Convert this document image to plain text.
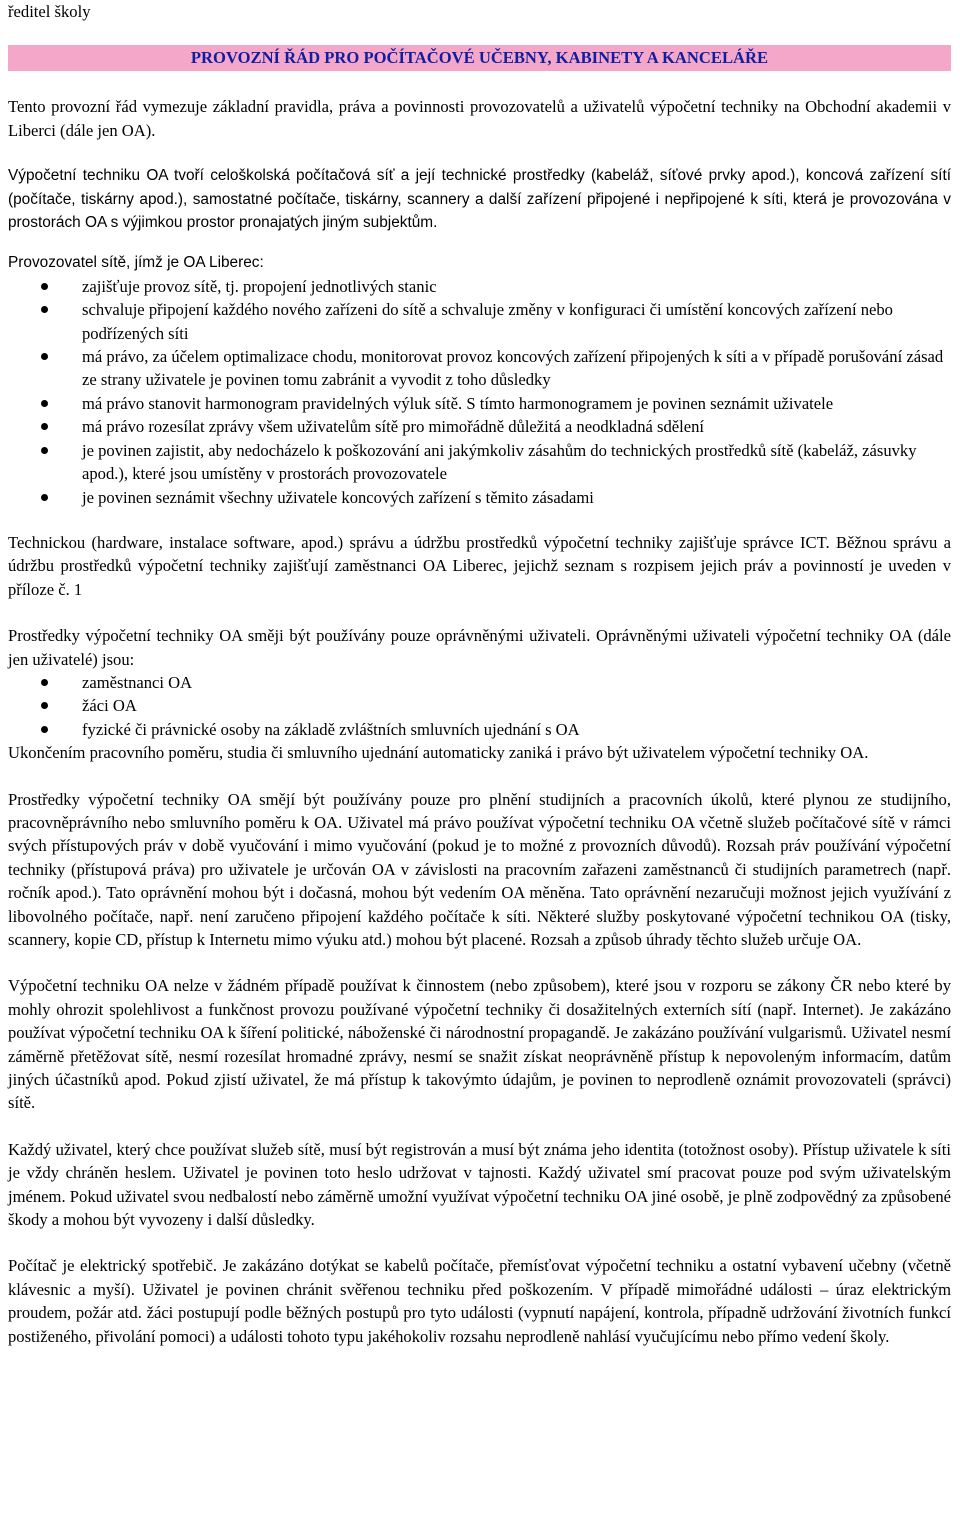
ředitel školy

PROVOZNÍ ŘÁD PRO POČÍTAČOVÉ UČEBNY, KABINETY A KANCELÁŘE

Tento provozní řád vymezuje základní pravidla, práva a povinnosti provozovatelů a uživatelů výpočetní techniky na Obchodní akademii v Liberci (dále jen OA).

Výpočetní techniku OA tvoří celoškolská počítačová síť a její technické prostředky (kabeláž, síťové prvky apod.), koncová zařízení sítí (počítače, tiskárny apod.), samostatné počítače, tiskárny, scannery a další zařízení připojené i nepřipojené k síti, která je provozována v prostorách OA s výjimkou prostor pronajatých jiným subjektům.

Provozovatel sítě, jímž je OA Liberec:

zajišťuje provoz sítě, tj. propojení jednotlivých stanic
schvaluje připojení každého nového zařízeni do sítě a schvaluje změny v konfiguraci či umístění koncových zařízení nebo podřízených síti
má právo, za účelem optimalizace chodu, monitorovat provoz koncových zařízení připojených k síti a v případě porušování zásad ze strany uživatele je povinen tomu zabránit a vyvodit z toho důsledky
má právo stanovit harmonogram pravidelných výluk sítě. S tímto harmonogramem je povinen seznámit uživatele
má právo rozesílat zprávy všem uživatelům sítě pro mimořádně důležitá a neodkladná sdělení
je povinen zajistit, aby nedocházelo k poškozování ani jakýmkoliv zásahům do technických prostředků sítě (kabeláž, zásuvky apod.), které jsou umístěny v prostorách provozovatele
je povinen seznámit všechny uživatele koncových zařízení s těmito zásadami

Technickou (hardware, instalace software, apod.) správu a údržbu prostředků výpočetní techniky zajišťuje správce ICT. Běžnou správu a údržbu prostředků výpočetní techniky zajišťují zaměstnanci OA Liberec, jejichž seznam s rozpisem jejich práv a povinností je uveden v příloze č. 1

Prostředky výpočetní techniky OA směji být používány pouze oprávněnými uživateli. Oprávněnými uživateli výpočetní techniky OA (dále jen uživatelé) jsou:

zaměstnanci OA
žáci OA
fyzické či právnické osoby na základě zvláštních smluvních ujednání s OA

Ukončením pracovního poměru, studia či smluvního ujednání automaticky zaniká i právo být uživatelem výpočetní techniky OA.

Prostředky výpočetní techniky OA smějí být používány pouze pro plnění studijních a pracovních úkolů, které plynou ze studijního, pracovněprávního nebo smluvního poměru k OA. Uživatel má právo používat výpočetní techniku OA včetně služeb počítačové sítě v rámci svých přístupových práv v době vyučování i mimo vyučování (pokud je to možné z provozních důvodů). Rozsah práv používání výpočetní techniky (přístupová práva) pro uživatele je určován OA v závislosti na pracovním zařazeni zaměstnanců či studijních parametrech (např. ročník apod.). Tato oprávnění mohou být i dočasná, mohou být vedením OA měněna. Tato oprávnění nezaručuji možnost jejich využívání z libovolného počítače, např. není zaručeno připojení každého počítače k síti. Některé služby poskytované výpočetní technikou OA (tisky, scannery, kopie CD, přístup k Internetu mimo výuku atd.) mohou být placené. Rozsah a způsob úhrady těchto služeb určuje OA.

Výpočetní techniku OA nelze v žádném případě používat k činnostem (nebo způsobem), které jsou v rozporu se zákony ČR nebo které by mohly ohrozit spolehlivost a funkčnost provozu používané výpočetní techniky či dosažitelných externích sítí (např. Internet). Je zakázáno používat výpočetní techniku OA k šíření politické, náboženské či národnostní propagandě. Je zakázáno používání vulgarismů. Uživatel nesmí záměrně přetěžovat sítě, nesmí rozesílat hromadné zprávy, nesmí se snažit získat neoprávněně přístup k nepovoleným informacím, datům jiných účastníků apod. Pokud zjistí uživatel, že má přístup k takovýmto údajům, je povinen to neprodleně oznámit provozovateli (správci) sítě.

Každý uživatel, který chce používat služeb sítě, musí být registrován a musí být známa jeho identita (totožnost osoby). Přístup uživatele k síti je vždy chráněn heslem. Uživatel je povinen toto heslo udržovat v tajnosti. Každý uživatel smí pracovat pouze pod svým uživatelským jménem. Pokud uživatel svou nedbalostí nebo záměrně umožní využívat výpočetní techniku OA jiné osobě, je plně zodpovědný za způsobené škody a mohou být vyvozeny i další důsledky.

Počítač je elektrický spotřebič. Je zakázáno dotýkat se kabelů počítače, přemísťovat výpočetní techniku a ostatní vybavení učebny (včetně klávesnic a myší). Uživatel je povinen chránit svěřenou techniku před poškozením. V případě mimořádné události – úraz elektrickým proudem, požár atd. žáci postupují podle běžných postupů pro tyto události (vypnutí napájení, kontrola, případně udržování životních funkcí postiženého, přivolání pomoci) a události tohoto typu jakéhokoliv rozsahu neprodleně nahlásí vyučujícímu nebo přímo vedení školy.
